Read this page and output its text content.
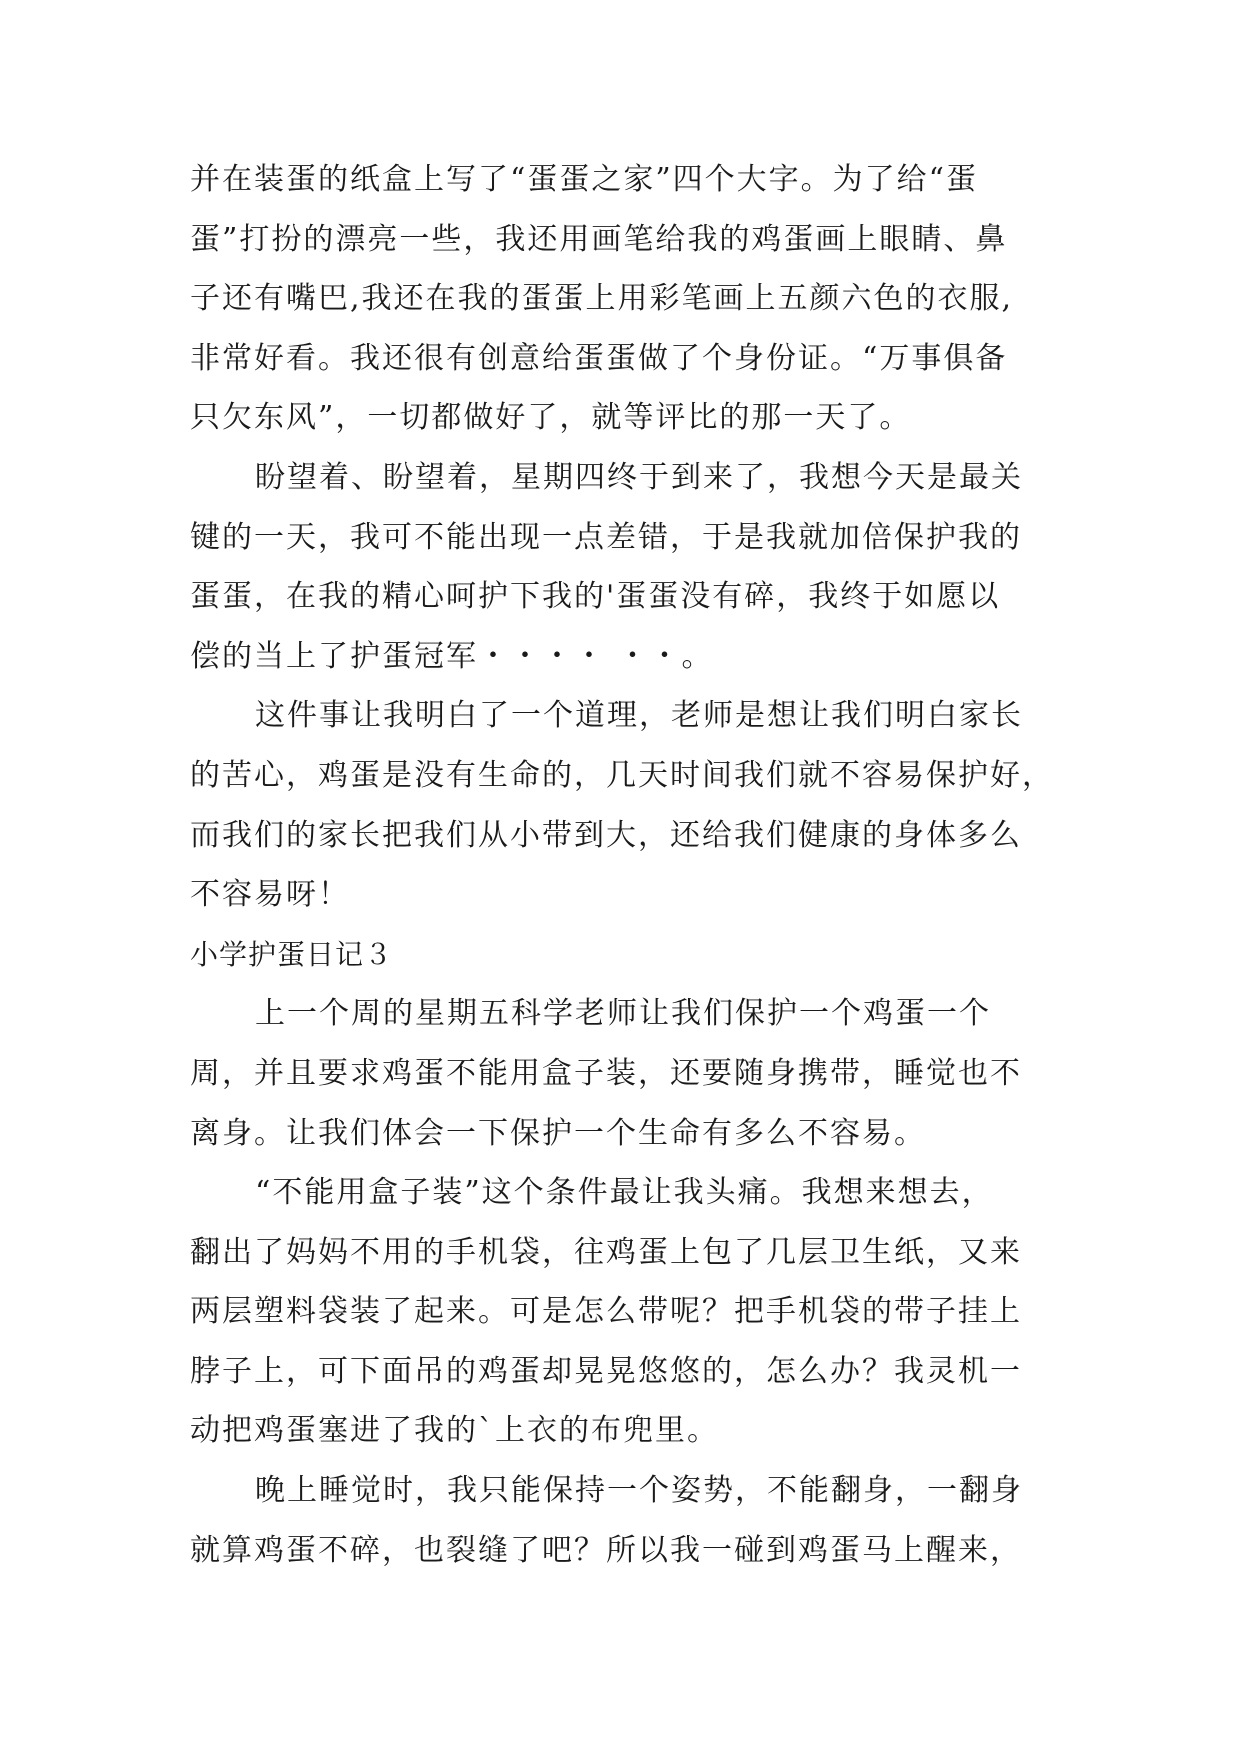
并在装蛋的纸盒上写了“蛋蛋之家”四个大字。为了给“蛋
蛋”打扮的漂亮一些，我还用画笔给我的鸡蛋画上眼睛、鼻
子还有嘴巴,我还在我的蛋蛋上用彩笔画上五颜六色的衣服,
非常好看。我还很有创意给蛋蛋做了个身份证。“万事俱备
只欠东风”，一切都做好了，就等评比的那一天了。
盼望着、盼望着，星期四终于到来了，我想今天是最关
键的一天，我可不能出现一点差错，于是我就加倍保护我的
蛋蛋，在我的精心呵护下我的'蛋蛋没有碎，我终于如愿以
偿的当上了护蛋冠军・・・・ ・・。
这件事让我明白了一个道理，老师是想让我们明白家长
的苦心，鸡蛋是没有生命的，几天时间我们就不容易保护好，
而我们的家长把我们从小带到大，还给我们健康的身体多么
不容易呀！
小学护蛋日记３
上一个周的星期五科学老师让我们保护一个鸡蛋一个
周，并且要求鸡蛋不能用盒子装，还要随身携带，睡觉也不
离身。让我们体会一下保护一个生命有多么不容易。
“不能用盒子装”这个条件最让我头痛。我想来想去，
翻出了妈妈不用的手机袋，往鸡蛋上包了几层卫生纸，又来
两层塑料袋装了起来。可是怎么带呢？把手机袋的带子挂上
脖子上，可下面吊的鸡蛋却晃晃悠悠的，怎么办？我灵机一
动把鸡蛋塞进了我的`上衣的布兜里。
晚上睡觉时，我只能保持一个姿势，不能翻身，一翻身
就算鸡蛋不碎，也裂缝了吧？所以我一碰到鸡蛋马上醒来，
